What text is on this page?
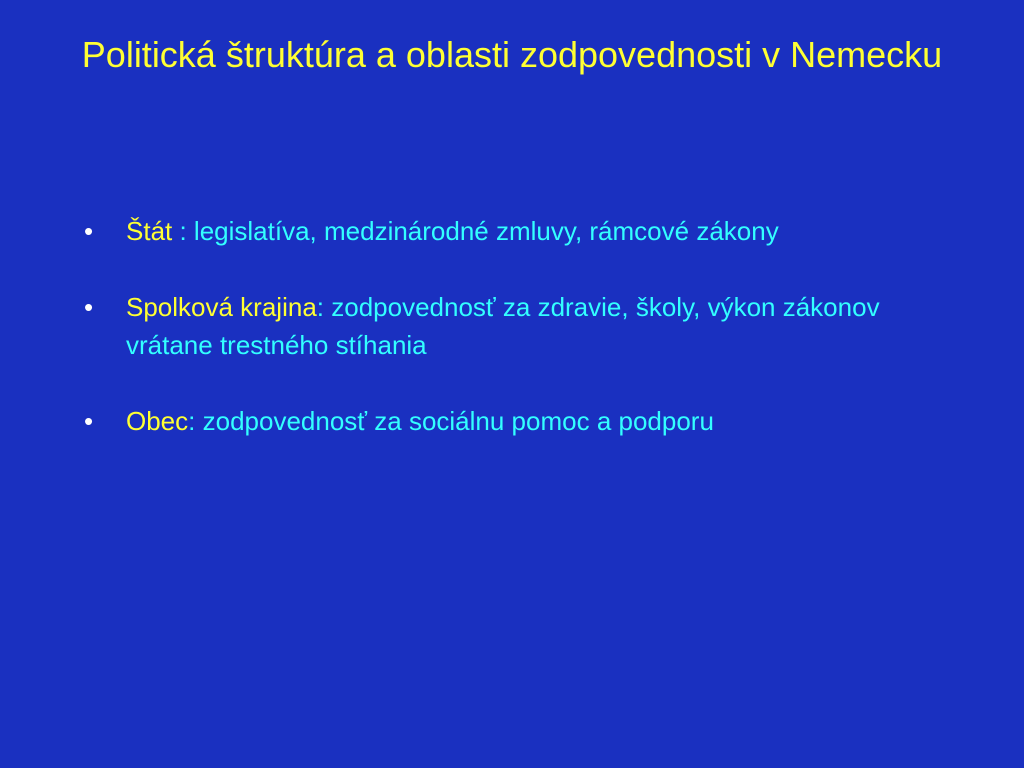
Politická štruktúra a oblasti zodpovednosti v Nemecku
• Štát : legislatíva, medzinárodné zmluvy, rámcové zákony
• Spolková krajina: zodpovednosť za zdravie, školy, výkon zákonov vrátane trestného stíhania
• Obec: zodpovednosť za sociálnu pomoc a podporu
